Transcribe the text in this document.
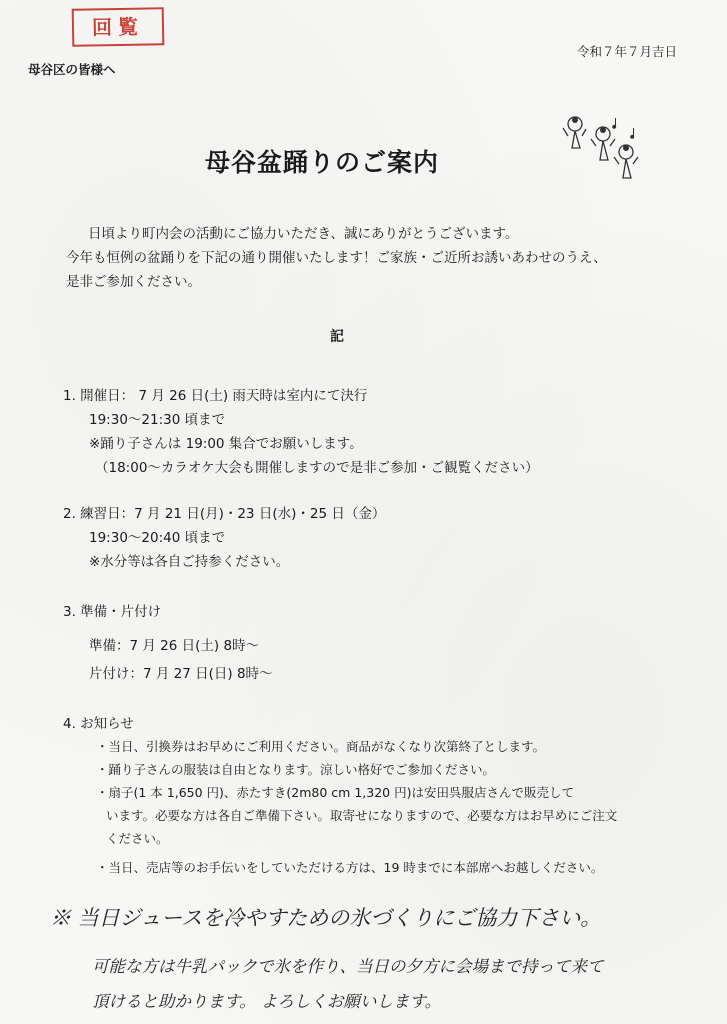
回覧
令和７年７月吉日
母谷区の皆様へ
母谷盆踊りのご案内
日頃より町内会の活動にご協力いただき、誠にありがとうございます。
今年も恒例の盆踊りを下記の通り開催いたします！ご家族・ご近所お誘いあわせのうえ、
是非ご参加ください。
記
1. 開催日： 7 月 26 日(土) 雨天時は室内にて決行
19:30～21:30 頃まで
※踊り子さんは 19:00 集合でお願いします。
（18:00～カラオケ大会も開催しますので是非ご参加・ご観覧ください）
2. 練習日：7 月 21 日(月)・23 日(水)・25 日（金）
19:30～20:40 頃まで
※水分等は各自ご持参ください。
3. 準備・片付け
準備：7 月 26 日(土) 8時～
片付け：7 月 27 日(日) 8時～
4. お知らせ
・当日、引換券はお早めにご利用ください。商品がなくなり次第終了とします。
・踊り子さんの服装は自由となります。涼しい格好でご参加ください。
・扇子(1 本 1,650 円)、赤たすき(2m80 cm 1,320 円)は安田呉服店さんで販売して
います。必要な方は各自ご準備下さい。取寄せになりますので、必要な方はお早めにご注文
ください。
・当日、売店等のお手伝いをしていただける方は、19 時までに本部席へお越しください。
※ 当日ジュースを冷やすための氷づくりにご協力下さい。
可能な方は牛乳パックで氷を作り、当日の夕方に会場まで持って来て
頂けると助かります。 よろしくお願いします。
